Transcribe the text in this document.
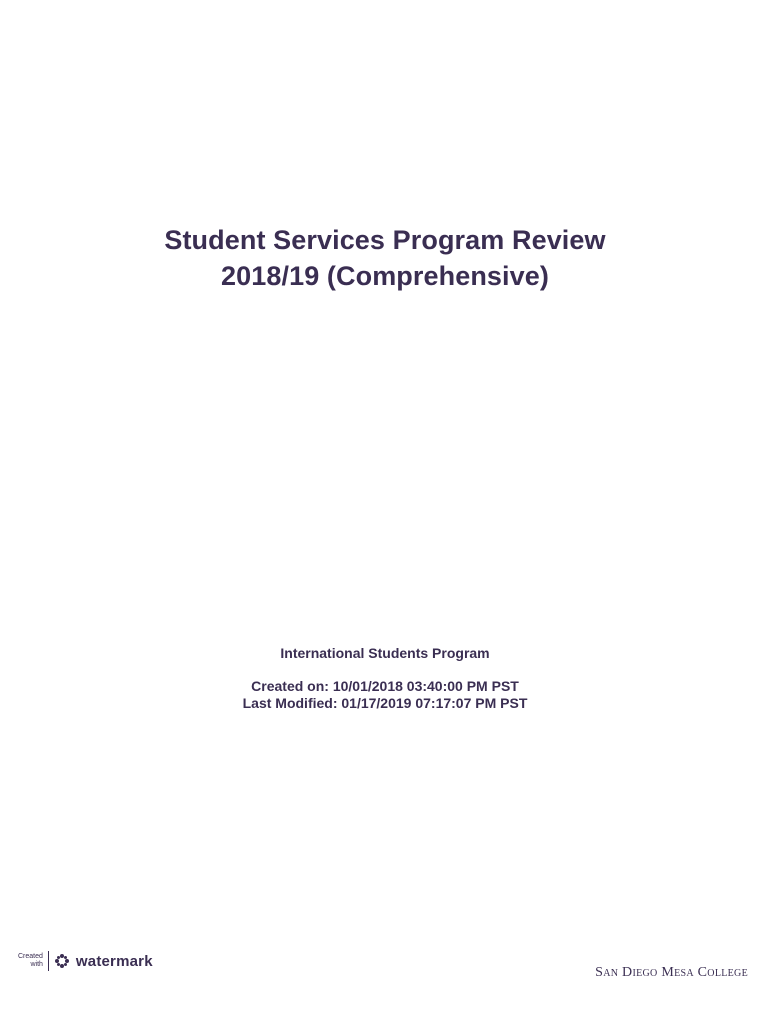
Student Services Program Review
2018/19 (Comprehensive)
International Students Program
Created on: 10/01/2018 03:40:00 PM PST
Last Modified: 01/17/2019 07:17:07 PM PST
Created
with watermark
San Diego Mesa College
